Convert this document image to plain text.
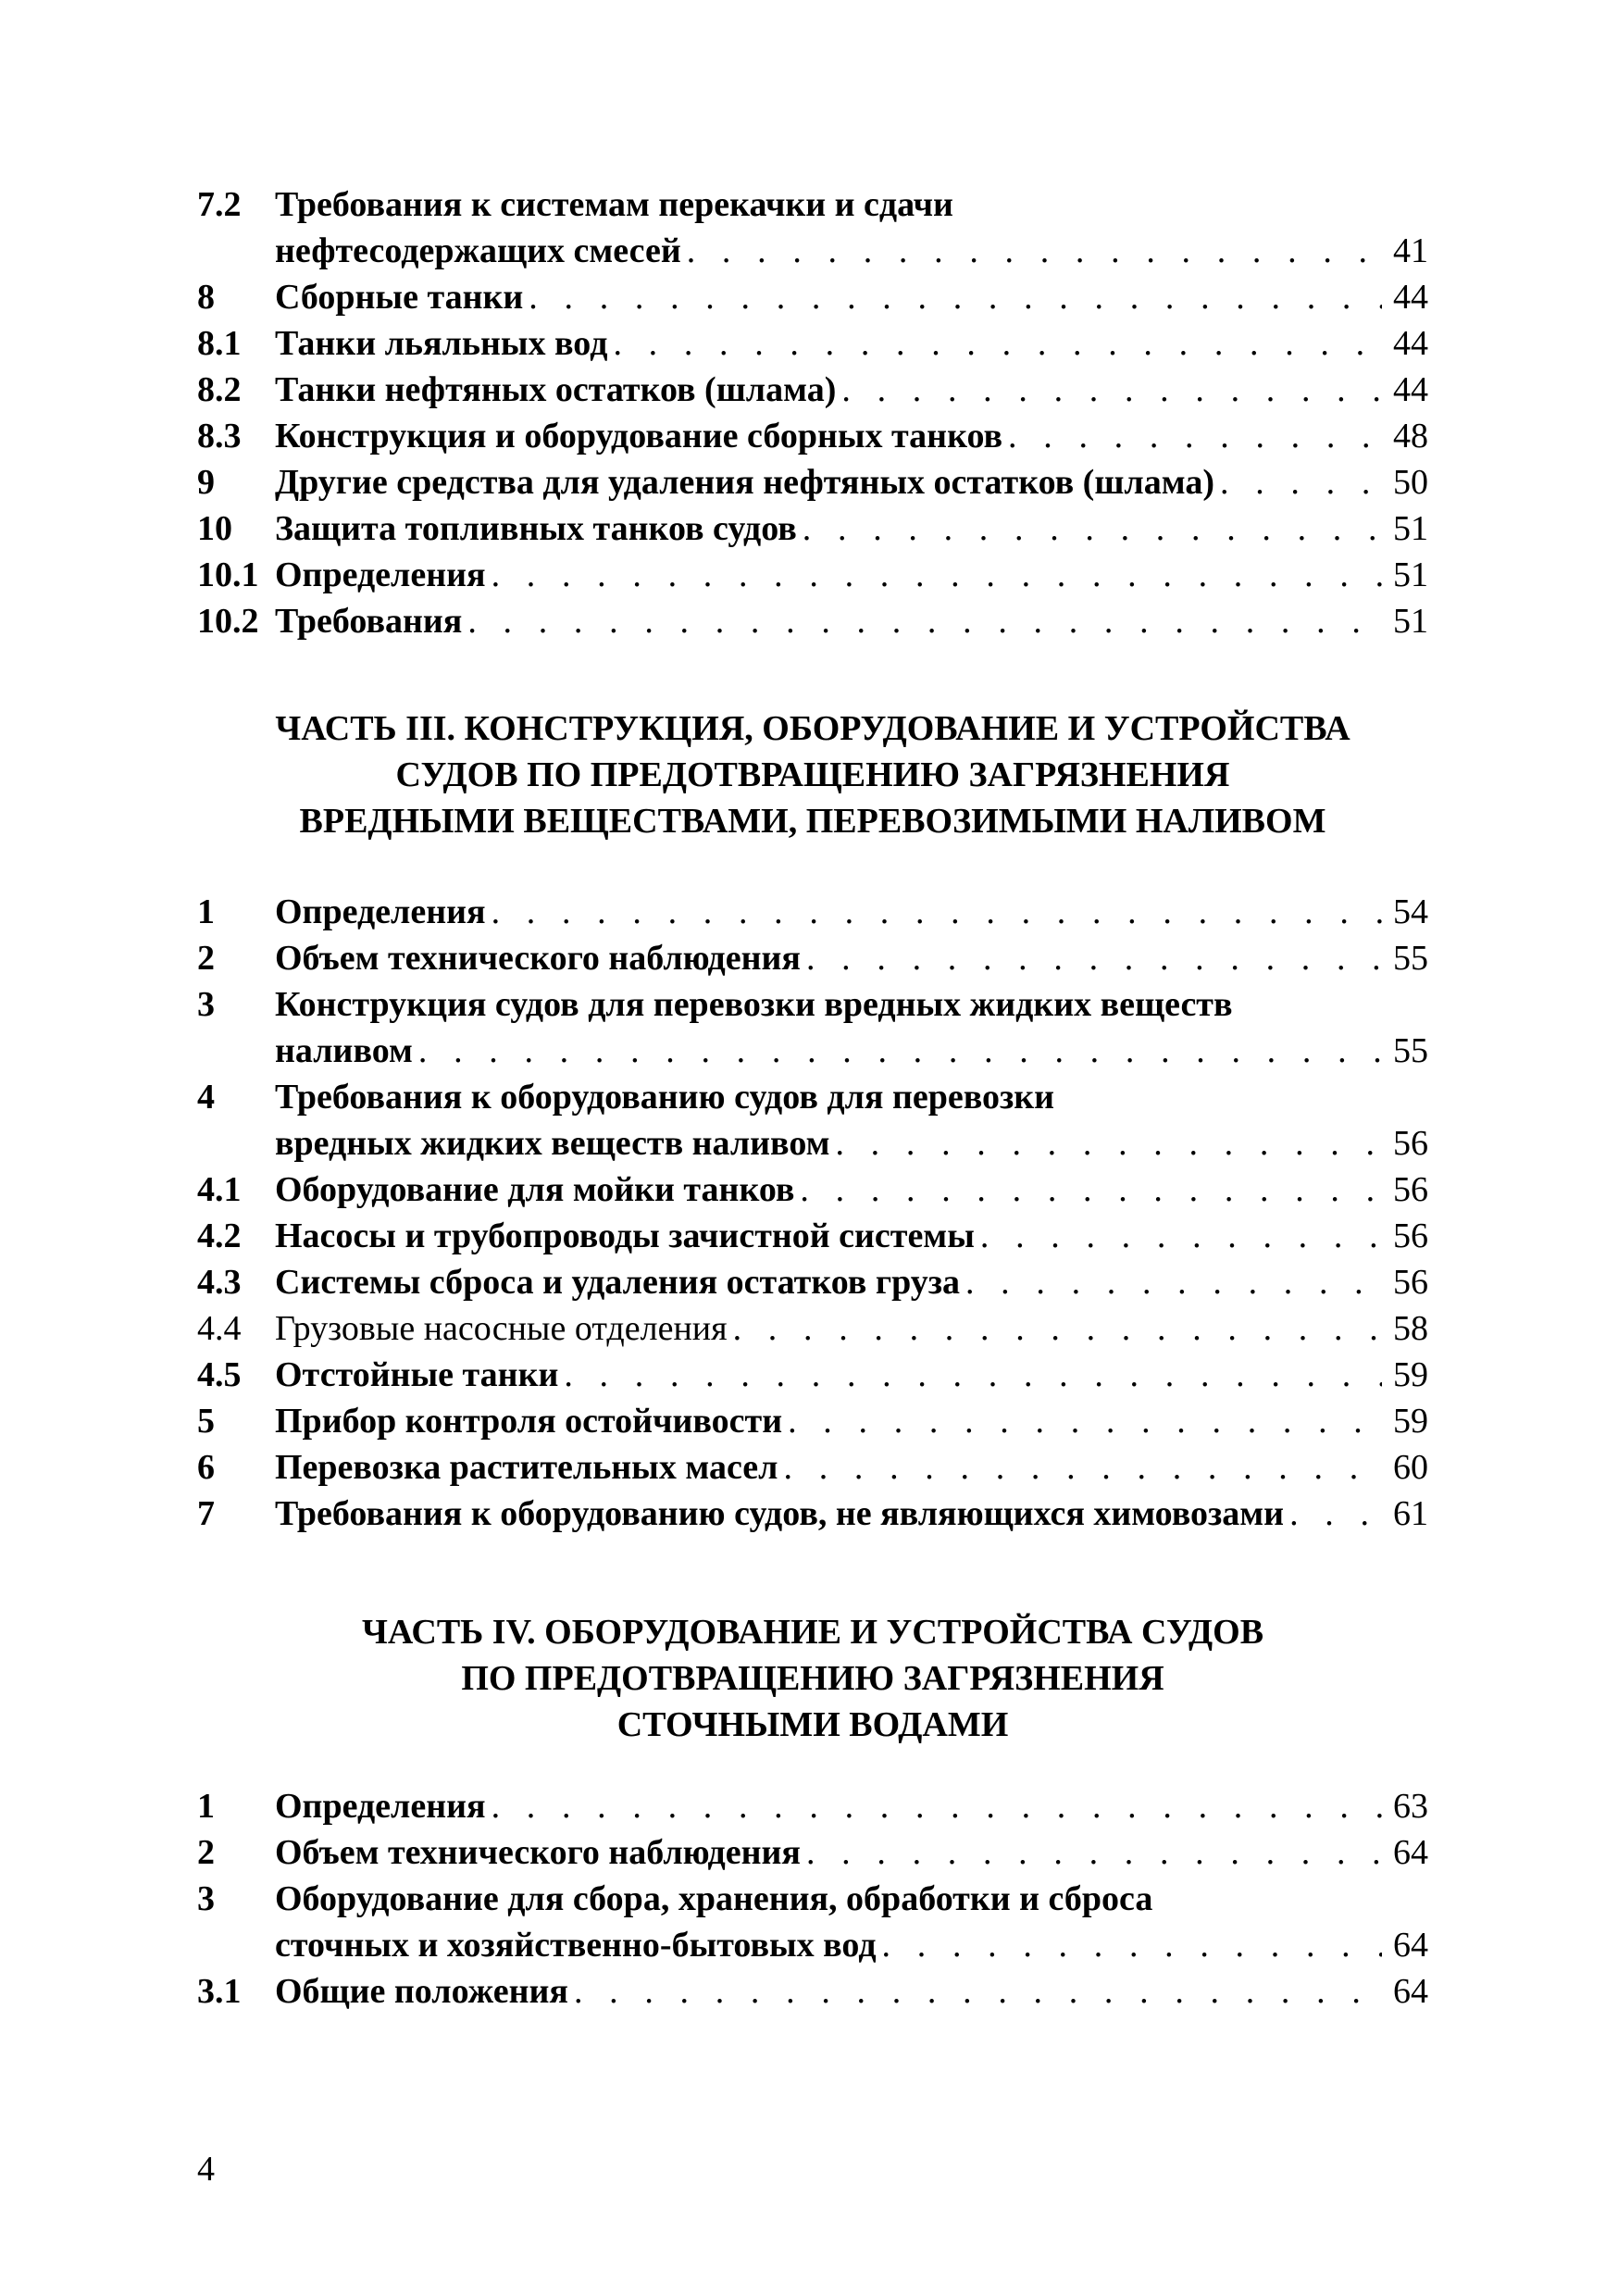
7.2 Требования к системам перекачки и сдачи
нефтесодержащих смесей . . .	41
8	Сборные танки . . .	44
8.1 Танки льяльных вод . . .	44
8.2 Танки нефтяных остатков (шлама) . . .	44
8.3 Конструкция и оборудование сборных танков . . .	48
9	Другие средства для удаления нефтяных остатков (шлама) . . .	50
10	Защита топливных танков судов . . .	51
10.1 Определения . . .	51
10.2 Требования . . .	51
ЧАСТЬ III. КОНСТРУКЦИЯ, ОБОРУДОВАНИЕ И УСТРОЙСТВА
СУДОВ ПО ПРЕДОТВРАЩЕНИЮ ЗАГРЯЗНЕНИЯ
ВРЕДНЫМИ ВЕЩЕСТВАМИ, ПЕРЕВОЗИМЫМИ НАЛИВОМ
1	Определения . . .	54
2	Объем технического наблюдения . . .	55
3	Конструкция судов для перевозки вредных жидких веществ
наливом . . .	55
4	Требования к оборудованию судов для перевозки
вредных жидких веществ наливом . . .	56
4.1 Оборудование для мойки танков . . .	56
4.2 Насосы и трубопроводы зачистной системы . . .	56
4.3 Системы сброса и удаления остатков груза . . .	56
4.4 Грузовые насосные отделения . . .	58
4.5 Отстойные танки . . .	59
5	Прибор контроля остойчивости . . .	59
6	Перевозка растительных масел . . .	60
7	Требования к оборудованию судов, не являющихся химовозами . . .	61
ЧАСТЬ IV. ОБОРУДОВАНИЕ И УСТРОЙСТВА СУДОВ
ПО ПРЕДОТВРАЩЕНИЮ ЗАГРЯЗНЕНИЯ
СТОЧНЫМИ ВОДАМИ
1	Определения . . .	63
2	Объем технического наблюдения . . .	64
3	Оборудование для сбора, хранения, обработки и сброса
сточных и хозяйственно-бытовых вод . . .	64
3.1 Общие положения . . .	64
4
